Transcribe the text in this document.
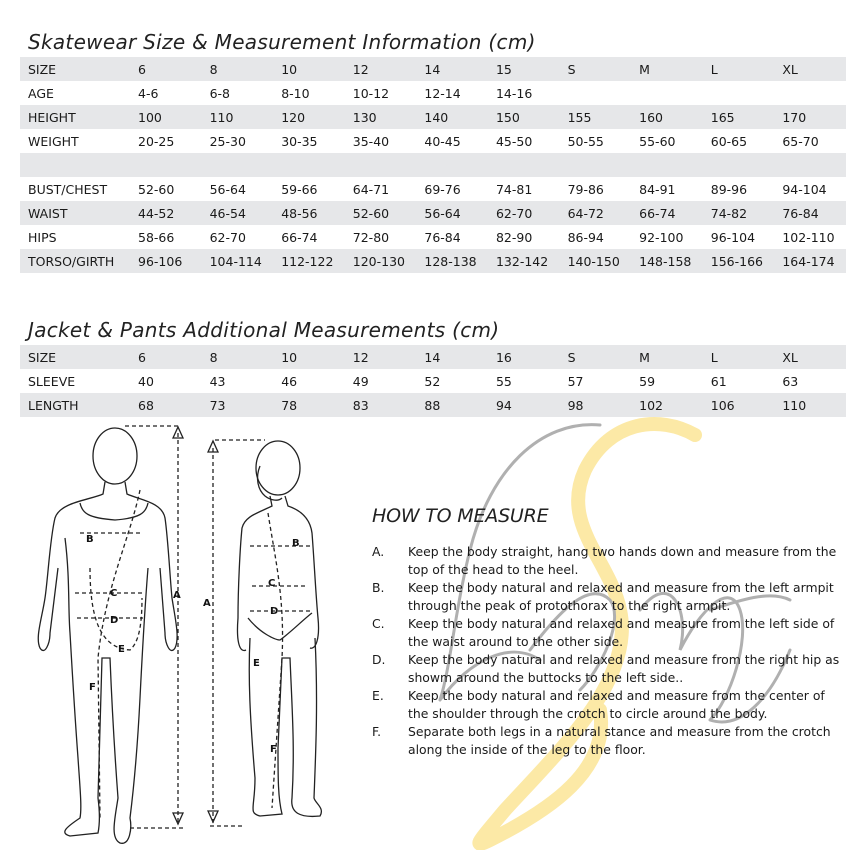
Skatewear Size & Measurement Information (cm)
SIZE	6	8	10	12	14	15	S	M	L	XL
AGE	4-6	6-8	8-10	10-12	12-14	14-16				
HEIGHT	100	110	120	130	140	150	155	160	165	170
WEIGHT	20-25	25-30	30-35	35-40	40-45	45-50	50-55	55-60	60-65	65-70

BUST/CHEST	52-60	56-64	59-66	64-71	69-76	74-81	79-86	84-91	89-96	94-104
WAIST	44-52	46-54	48-56	52-60	56-64	62-70	64-72	66-74	74-82	76-84
HIPS	58-66	62-70	66-74	72-80	76-84	82-90	86-94	92-100	96-104	102-110
TORSO/GIRTH	96-106	104-114	112-122	120-130	128-138	132-142	140-150	148-158	156-166	164-174
Jacket & Pants Additional Measurements (cm)
SIZE	6	8	10	12	14	16	S	M	L	XL
SLEEVE	40	43	46	49	52	55	57	59	61	63
LENGTH	68	73	78	83	88	94	98	102	106	110
B
C
D
E
F
A
B
C
D
E
F
A
HOW TO MEASURE
A.	Keep the body straight, hang two hands down and measure from the top of the head to the heel.
B.	Keep the body natural and relaxed and measure from the left armpit through the peak of protothorax to the right armpit.
C.	Keep the body natural and relaxed and measure from the left side of the waist around to the other side.
D.	Keep the body natural and relaxed and measure from the right hip as showm around the buttocks to the left side..
E.	Keep the body natural and relaxed and measure from the center of the shoulder through the crotch to circle around the body.
F.	Separate both legs in a natural stance and measure from the crotch along the inside of the leg to the floor.
